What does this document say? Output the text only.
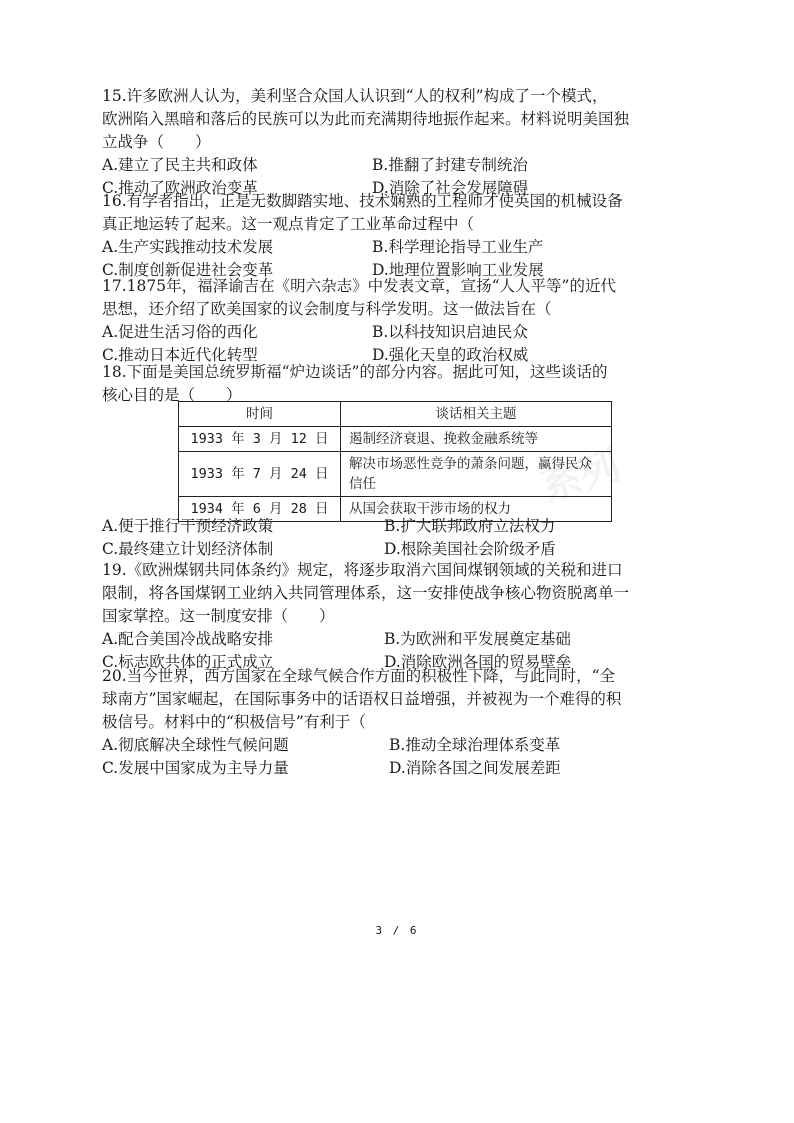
系列
15.许多欧洲人认为，美利坚合众国人认识到“人的权利”构成了一个模式，
欧洲陷入黑暗和落后的民族可以为此而充满期待地振作起来。材料说明美国独
立战争（　　）
A.建立了民主共和政体	B.推翻了封建专制统治
C.推动了欧洲政治变革	D.消除了社会发展障碍
16.有学者指出，正是无数脚踏实地、技术娴熟的工程师才使英国的机械设备
真正地运转了起来。这一观点肯定了工业革命过程中（
A.生产实践推动技术发展	B.科学理论指导工业生产
C.制度创新促进社会变革	D.地理位置影响工业发展
17.1875年，福泽谕吉在《明六杂志》中发表文章，宣扬“人人平等”的近代
思想，还介绍了欧美国家的议会制度与科学发明。这一做法旨在（
A.促进生活习俗的西化	B.以科技知识启迪民众
C.推动日本近代化转型	D.强化天皇的政治权威
18.下面是美国总统罗斯福“炉边谈话”的部分内容。据此可知，这些谈话的
核心目的是（　　）
时间	谈话相关主题
1933 年 3 月 12 日	遏制经济衰退、挽救金融系统等
1933 年 7 月 24 日	解决市场恶性竞争的萧条问题，赢得民众信任
1934 年 6 月 28 日	从国会获取干涉市场的权力
A.便于推行干预经济政策	B.扩大联邦政府立法权力
C.最终建立计划经济体制	D.根除美国社会阶级矛盾
19.《欧洲煤钢共同体条约》规定，将逐步取消六国间煤钢领域的关税和进口
限制，将各国煤钢工业纳入共同管理体系，这一安排使战争核心物资脱离单一
国家掌控。这一制度安排（　　）
A.配合美国冷战战略安排	B.为欧洲和平发展奠定基础
C.标志欧共体的正式成立	D.消除欧洲各国的贸易壁垒
20.当今世界，西方国家在全球气候合作方面的积极性下降，与此同时，“全
球南方”国家崛起，在国际事务中的话语权日益增强，并被视为一个难得的积
极信号。材料中的“积极信号”有利于（　　
A.彻底解决全球性气候问题	B.推动全球治理体系变革
C.发展中国家成为主导力量	D.消除各国之间发展差距
3 / 6
